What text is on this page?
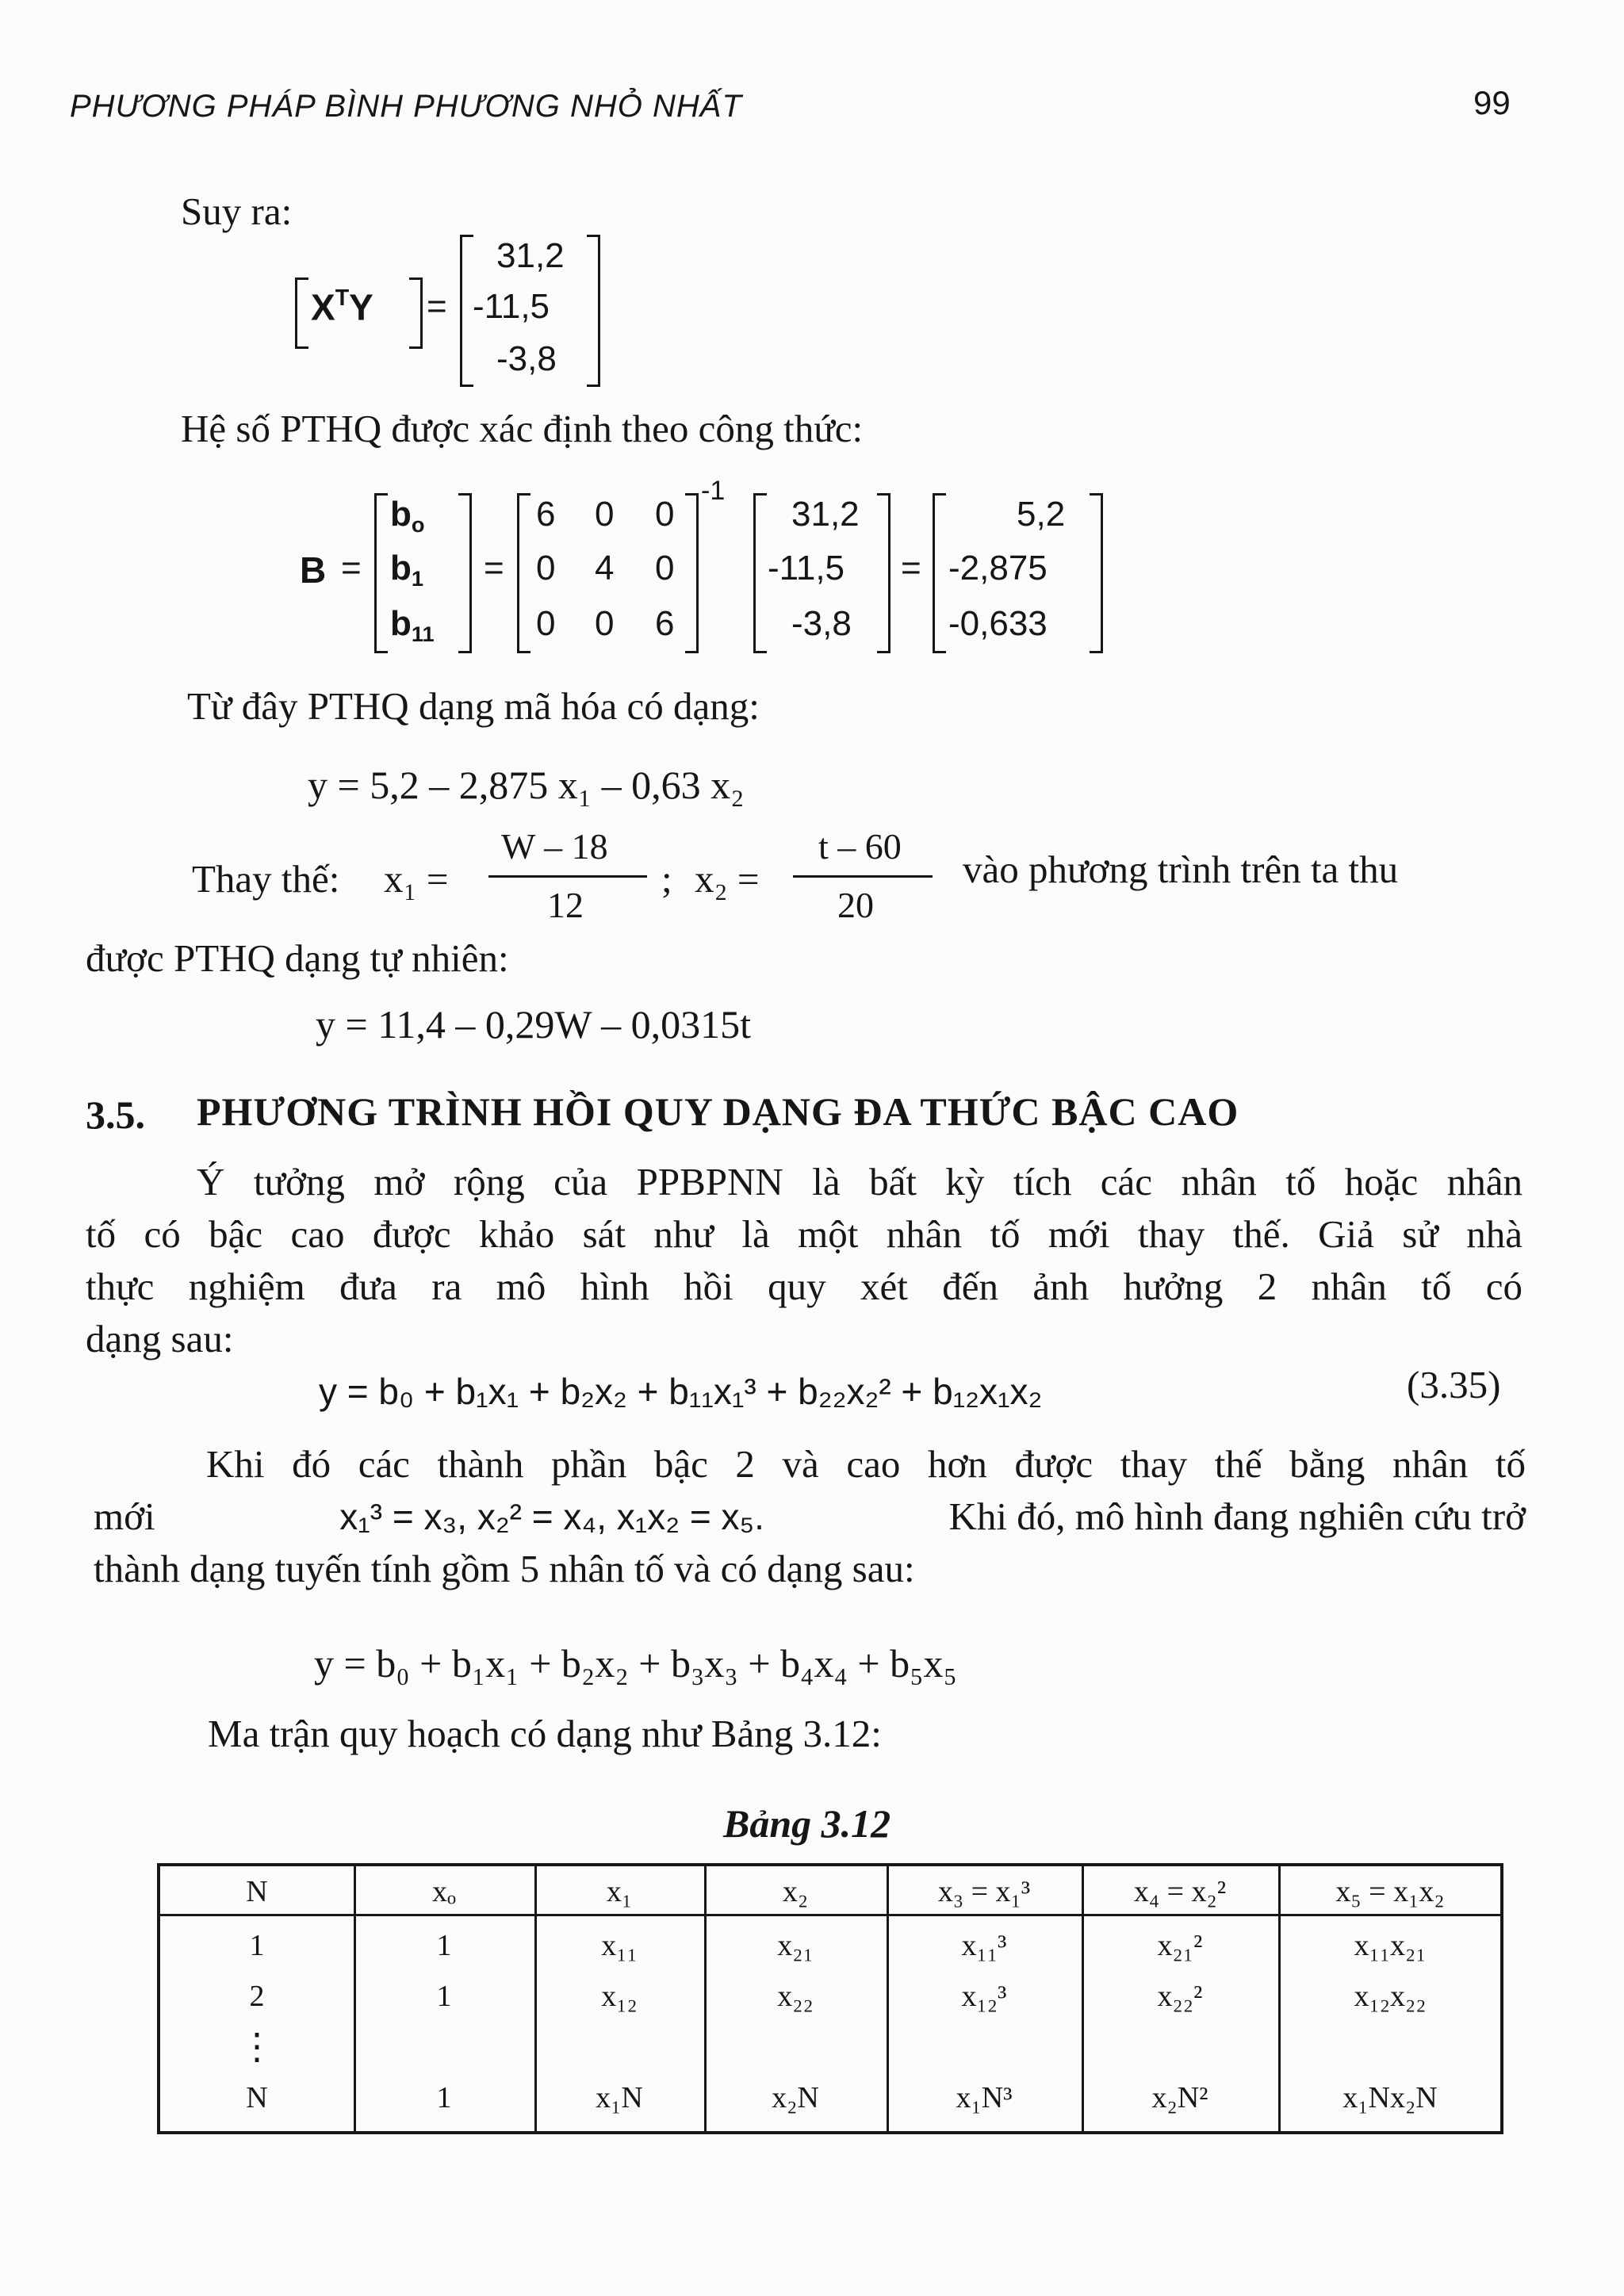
PHƯƠNG PHÁP BÌNH PHƯƠNG NHỎ NHẤT	99
Suy ra:
$X^TY$ =
31,2
-11,5
-3,8
Hệ số PTHQ được xác định theo công thức:
B =
$b_o$
$b_1$
$b_{11}$
=
6 0 0
0 4 0
0 0 6
-1
31,2
-11,5
-3,8
=
5,2
-2,875
-0,633
Từ đây PTHQ dạng mã hóa có dạng:
y = 5,2 – 2,875 x₁ – 0,63 x₂
Thay thế: x₁ =
W – 18
12
; x₂ =
t – 60
20
vào phương trình trên ta thu
được PTHQ dạng tự nhiên:
y = 11,4 – 0,29W – 0,0315t
3.5. PHƯƠNG TRÌNH HỒI QUY DẠNG ĐA THỨC BẬC CAO
Ý tưởng mở rộng của PPBPNN là bất kỳ tích các nhân tố hoặc nhân
tố có bậc cao được khảo sát như là một nhân tố mới thay thế. Giả sử nhà
thực nghiệm đưa ra mô hình hồi quy xét đến ảnh hưởng 2 nhân tố có
dạng sau:
y = b₀ + b₁x₁ + b₂x₂ + b₁₁x₁³ + b₂₂x₂² + b₁₂x₁x₂	(3.35)
Khi đó các thành phần bậc 2 và cao hơn được thay thế bằng nhân tố
mới	x₁³ = x₃, x₂² = x₄, x₁x₂ = x₅.	Khi đó, mô hình đang nghiên cứu trở
thành dạng tuyến tính gồm 5 nhân tố và có dạng sau:
y = b₀ + b₁x₁ + b₂x₂ + b₃x₃ + b₄x₄ + b₅x₅
Ma trận quy hoạch có dạng như Bảng 3.12:
Bảng 3.12
N	xₒ	x₁	x₂	x₃ = x₁³	x₄ = x₂²	x₅ = x₁x₂
1	1	x₁₁	x₂₁	x₁₁³	x₂₁²	x₁₁x₂₁
2	1	x₁₂	x₂₂	x₁₂³	x₂₂²	x₁₂x₂₂
⋮
N	1	x₁N	x₂N	x₁N³	x₂N²	x₁Nx₂N
